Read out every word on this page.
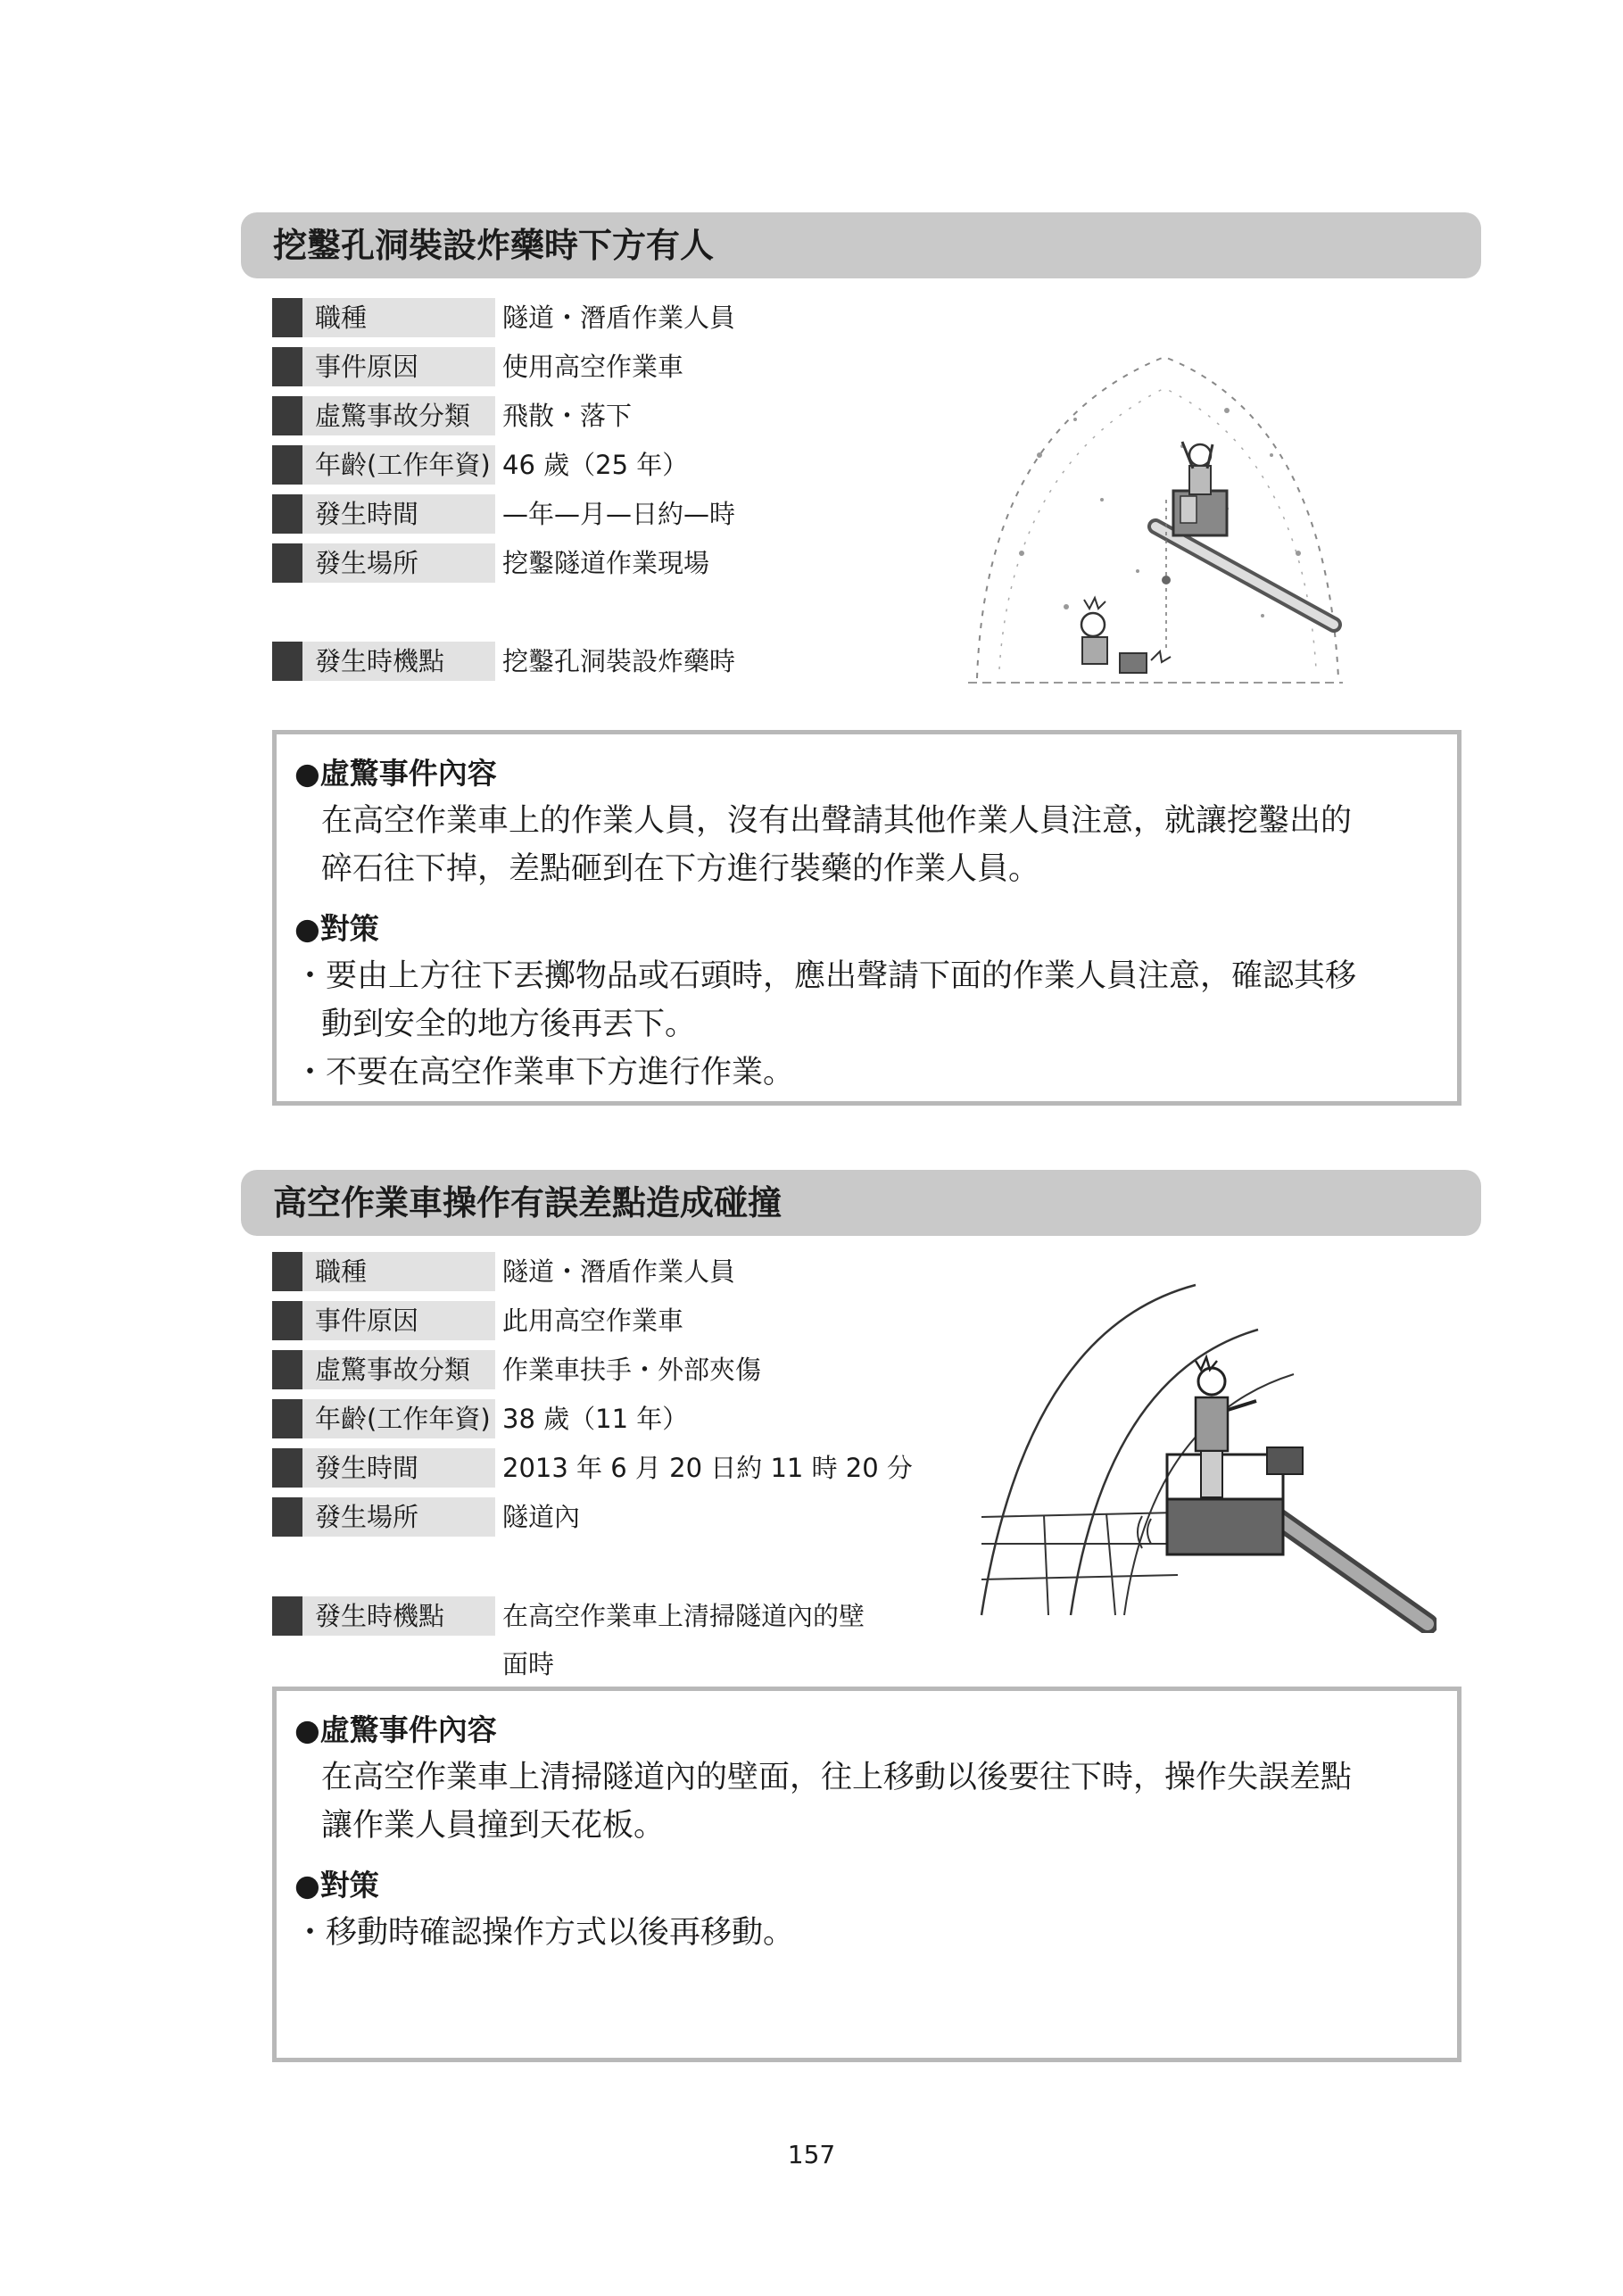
挖鑿孔洞裝設炸藥時下方有人
職種	隧道・潛盾作業人員
事件原因	使用高空作業車
虛驚事故分類	飛散・落下
年齡(工作年資) 46 歲（25 年）
發生時間	—年—月—日約—時
發生場所	挖鑿隧道作業現場
發生時機點	挖鑿孔洞裝設炸藥時
●虛驚事件內容
在高空作業車上的作業人員，沒有出聲請其他作業人員注意，就讓挖鑿出的
碎石往下掉，差點砸到在下方進行裝藥的作業人員。
●對策
・要由上方往下丟擲物品或石頭時，應出聲請下面的作業人員注意，確認其移
動到安全的地方後再丟下。
・不要在高空作業車下方進行作業。
高空作業車操作有誤差點造成碰撞
職種	隧道・潛盾作業人員
事件原因	此用高空作業車
虛驚事故分類	作業車扶手・外部夾傷
年齡(工作年資) 38 歲（11 年）
發生時間	2013 年 6 月 20 日約 11 時 20 分
發生場所	隧道內
發生時機點	在高空作業車上清掃隧道內的壁
面時
●虛驚事件內容
在高空作業車上清掃隧道內的壁面，往上移動以後要往下時，操作失誤差點
讓作業人員撞到天花板。
●對策
・移動時確認操作方式以後再移動。
157
